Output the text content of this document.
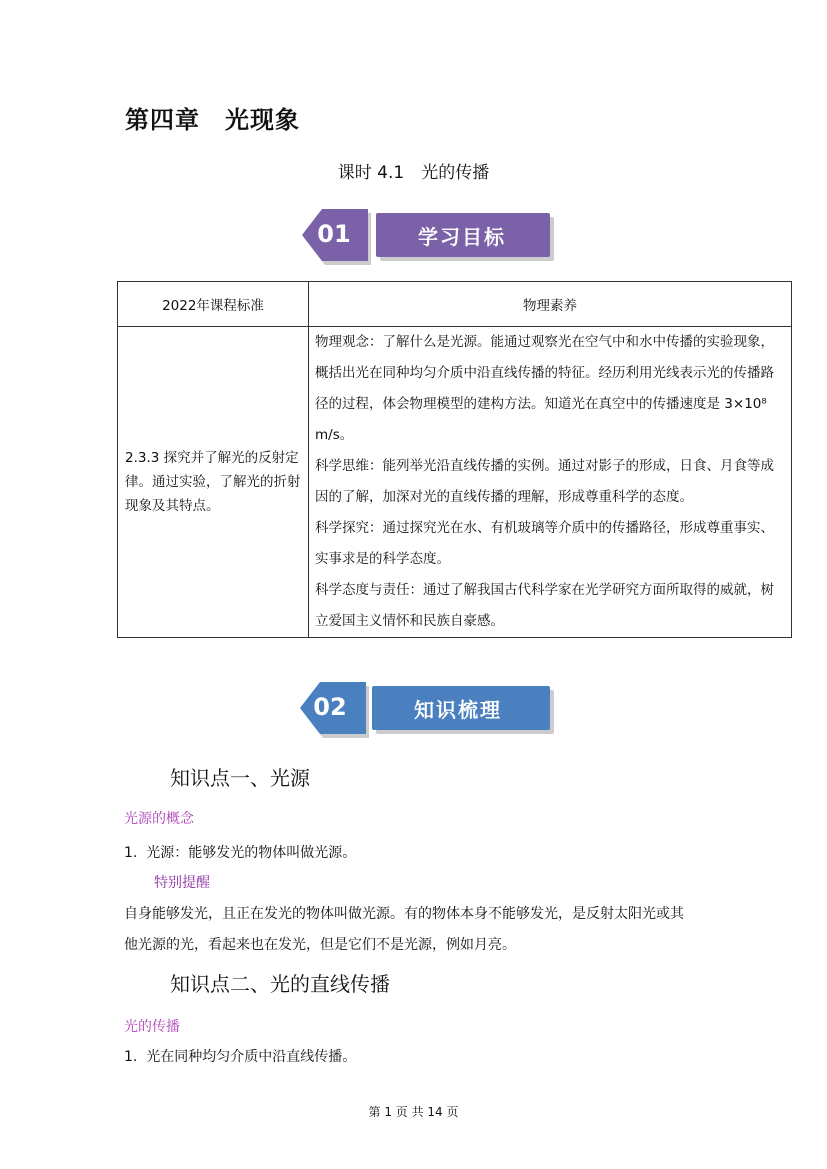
第四章　光现象
课时 4.1　光的传播
01	学习目标
2022年课程标准	物理素养
2.3.3 探究并了解光的反射定律。通过实验，了解光的折射现象及其特点。	物理观念：了解什么是光源。能通过观察光在空气中和水中传播的实验现象，概括出光在同种均匀介质中沿直线传播的特征。经历利用光线表示光的传播路径的过程，体会物理模型的建构方法。知道光在真空中的传播速度是 3×10⁸ m/s。
科学思维：能列举光沿直线传播的实例。通过对影子的形成，日食、月食等成因的了解，加深对光的直线传播的理解，形成尊重科学的态度。
科学探究：通过探究光在水、有机玻璃等介质中的传播路径，形成尊重事实、实事求是的科学态度。
科学态度与责任：通过了解我国古代科学家在光学研究方面所取得的威就，树立爱国主义情怀和民族自豪感。
02	知识梳理
知识点一、光源
光源的概念
1.  光源：能够发光的物体叫做光源。
特别提醒
自身能够发光，且正在发光的物体叫做光源。有的物体本身不能够发光，是反射太阳光或其
他光源的光，看起来也在发光，但是它们不是光源，例如月亮。
知识点二、光的直线传播
光的传播
1.  光在同种均匀介质中沿直线传播。
第 1 页 共 14 页
